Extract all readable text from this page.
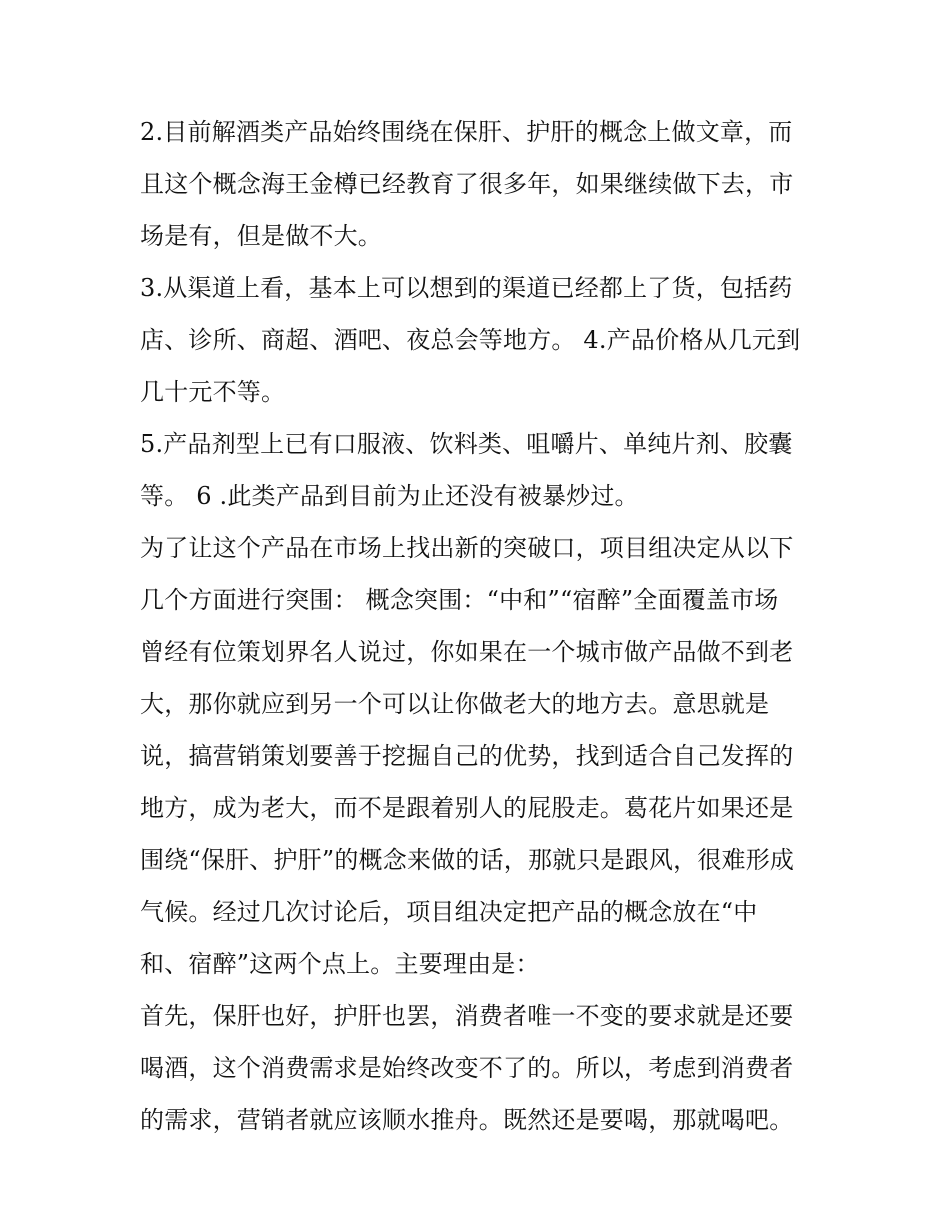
2.目前解酒类产品始终围绕在保肝、护肝的概念上做文章，而
且这个概念海王金樽已经教育了很多年，如果继续做下去，市
场是有，但是做不大。
3.从渠道上看，基本上可以想到的渠道已经都上了货，包括药
店、诊所、商超、酒吧、夜总会等地方。 4.产品价格从几元到
几十元不等。
5.产品剂型上已有口服液、饮料类、咀嚼片、单纯片剂、胶囊
等。 6 .此类产品到目前为止还没有被暴炒过。
为了让这个产品在市场上找出新的突破口，项目组决定从以下
几个方面进行突围： 概念突围：“中和”“宿醉”全面覆盖市场
曾经有位策划界名人说过，你如果在一个城市做产品做不到老
大，那你就应到另一个可以让你做老大的地方去。意思就是
说，搞营销策划要善于挖掘自己的优势，找到适合自己发挥的
地方，成为老大，而不是跟着别人的屁股走。葛花片如果还是
围绕“保肝、护肝”的概念来做的话，那就只是跟风，很难形成
气候。经过几次讨论后，项目组决定把产品的概念放在“中
和、宿醉”这两个点上。主要理由是：
首先，保肝也好，护肝也罢，消费者唯一不变的要求就是还要
喝酒，这个消费需求是始终改变不了的。所以，考虑到消费者
的需求，营销者就应该顺水推舟。既然还是要喝，那就喝吧。
